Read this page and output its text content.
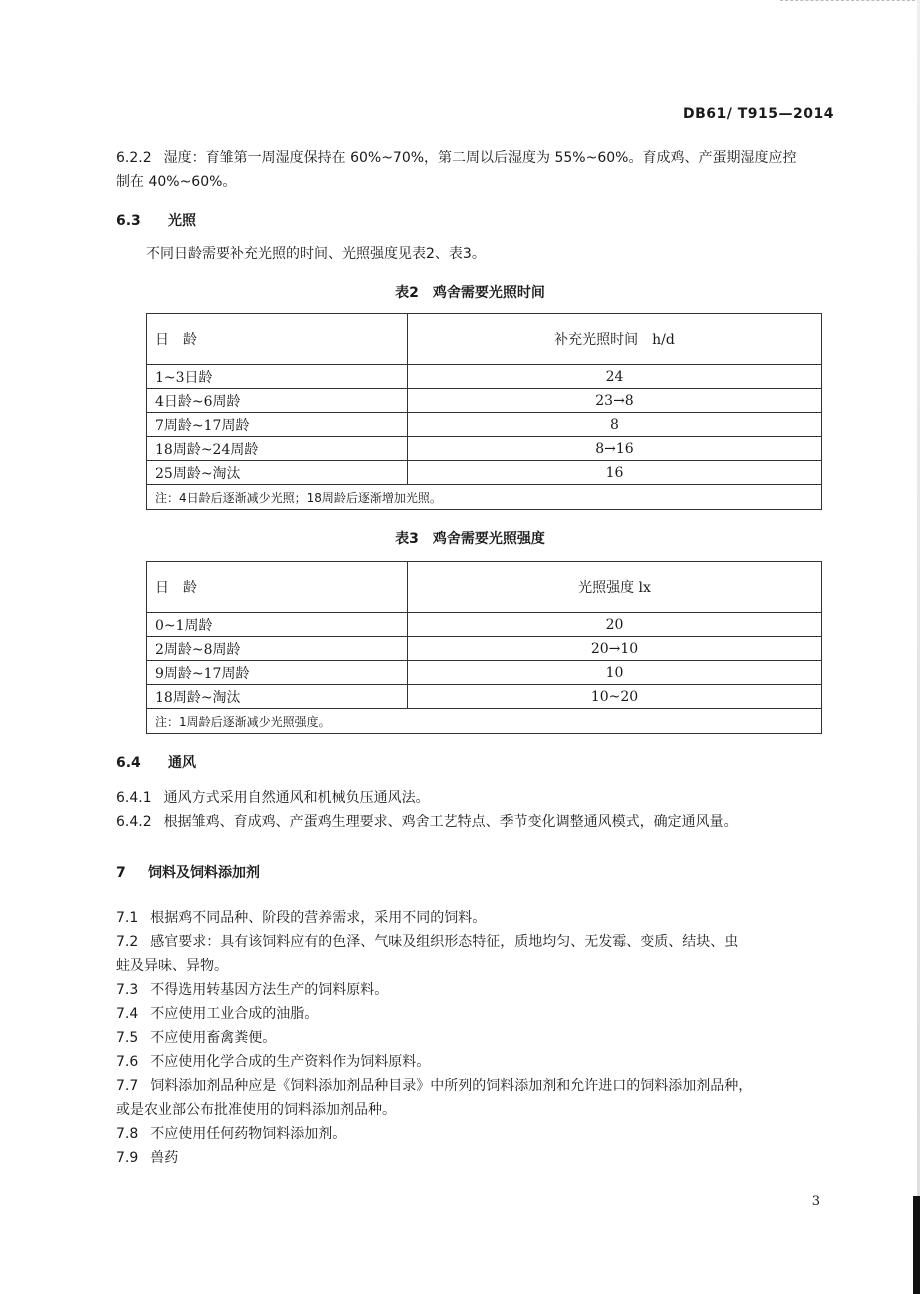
DB61/ T915—2014
6.2.2 湿度：育雏第一周湿度保持在 60%~70%，第二周以后湿度为 55%~60%。育成鸡、产蛋期湿度应控
制在 40%~60%。
6.3 光照
不同日龄需要补充光照的时间、光照强度见表2、表3。
表2　鸡舍需要光照时间
日　龄	补充光照时间　h/d
1~3日龄	24
4日龄~6周龄	23→8
7周龄~17周龄	8
18周龄~24周龄	8→16
25周龄~淘汰	16
注：4日龄后逐渐减少光照；18周龄后逐渐增加光照。	
表3　鸡舍需要光照强度
日　龄	光照强度 lx
0~1周龄	20
2周龄~8周龄	20→10
9周龄~17周龄	10
18周龄~淘汰	10~20
注：1周龄后逐渐减少光照强度。	
6.4 通风
6.4.1 通风方式采用自然通风和机械负压通风法。
6.4.2 根据雏鸡、育成鸡、产蛋鸡生理要求、鸡舍工艺特点、季节变化调整通风模式，确定通风量。
7 饲料及饲料添加剂
7.1 根据鸡不同品种、阶段的营养需求，采用不同的饲料。
7.2 感官要求：具有该饲料应有的色泽、气味及组织形态特征，质地均匀、无发霉、变质、结块、虫
蛀及异味、异物。
7.3 不得选用转基因方法生产的饲料原料。
7.4 不应使用工业合成的油脂。
7.5 不应使用畜禽粪便。
7.6 不应使用化学合成的生产资料作为饲料原料。
7.7 饲料添加剂品种应是《饲料添加剂品种目录》中所列的饲料添加剂和允许进口的饲料添加剂品种，
或是农业部公布批准使用的饲料添加剂品种。
7.8 不应使用任何药物饲料添加剂。
7.9 兽药
3
